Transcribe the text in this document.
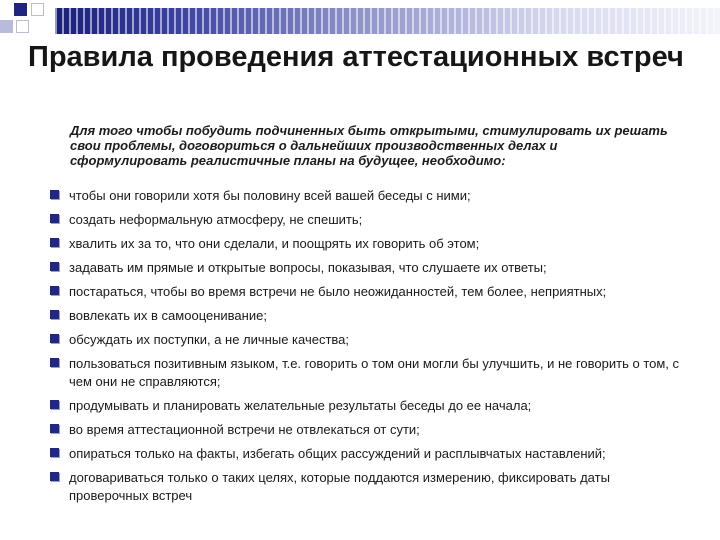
Правила проведения аттестационных встреч

Для того чтобы побудить подчиненных быть открытыми, стимулировать их решать свои проблемы, договориться о дальнейших производственных делах и сформулировать реалистичные планы на будущее, необходимо:

чтобы они говорили хотя бы половину всей вашей беседы с ними;
создать неформальную атмосферу, не спешить;
хвалить их за то, что они сделали, и поощрять их говорить об этом;
задавать им прямые и открытые вопросы, показывая, что слушаете их ответы;
постараться, чтобы во время встречи не было неожиданностей, тем более, неприятных;
вовлекать их в самооценивание;
обсуждать их поступки, а не личные качества;
пользоваться позитивным языком, т.е. говорить о том они могли бы улучшить, и не говорить о том, с чем они не справляются;
продумывать и планировать желательные результаты беседы до ее начала;
во время аттестационной встречи не отвлекаться от сути;
опираться только на факты, избегать общих рассуждений и расплывчатых наставлений;
договариваться только о таких целях, которые поддаются измерению, фиксировать даты проверочных встреч
